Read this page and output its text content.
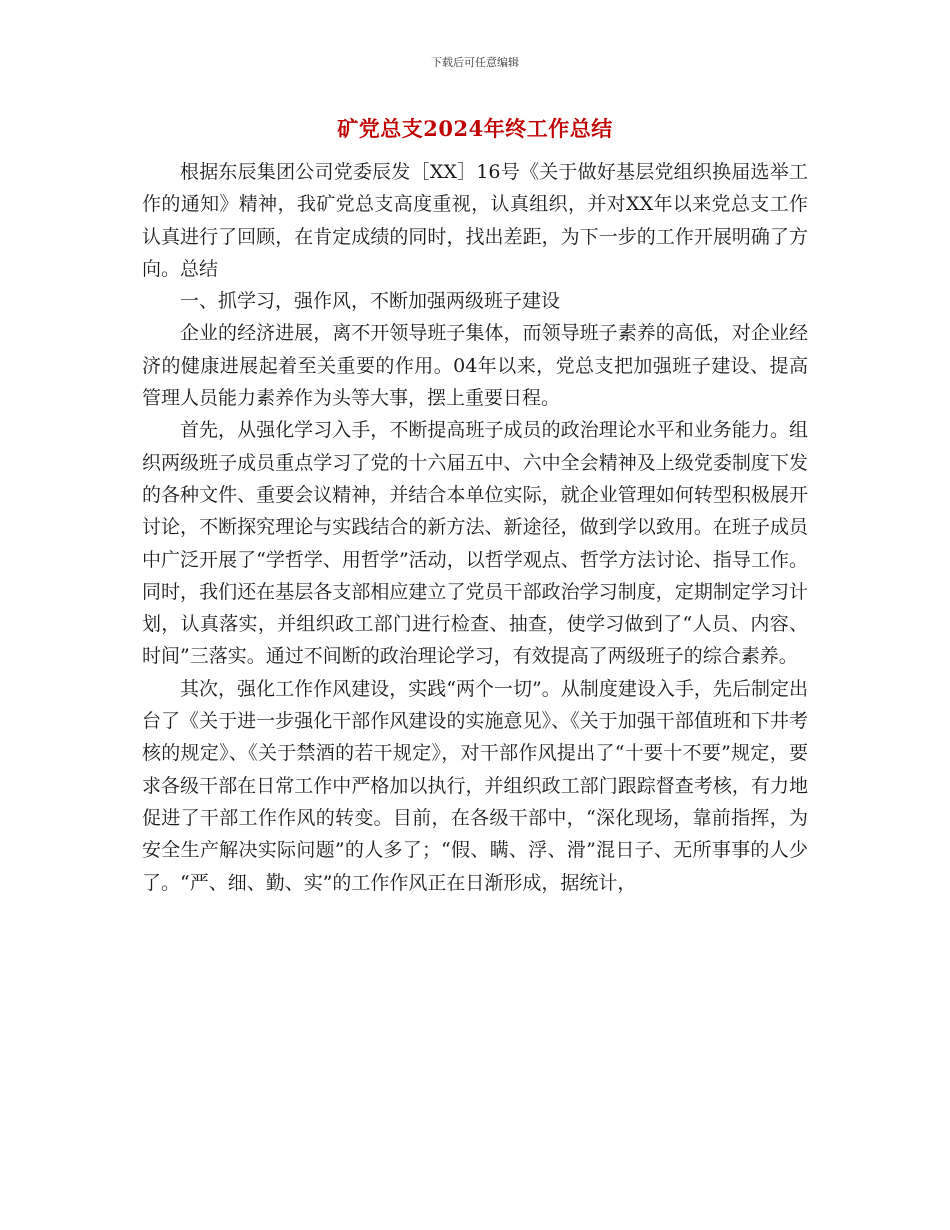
下载后可任意编辑
矿党总支2024年终工作总结

根据东辰集团公司党委辰发［XX］16号《关于做好基层党组织换届选举工作的通知》精神，我矿党总支高度重视，认真组织，并对XX年以来党总支工作认真进行了回顾，在肯定成绩的同时，找出差距，为下一步的工作开展明确了方向。总结

一、抓学习，强作风，不断加强两级班子建设

企业的经济进展，离不开领导班子集体，而领导班子素养的高低，对企业经济的健康进展起着至关重要的作用。04年以来，党总支把加强班子建设、提高管理人员能力素养作为头等大事，摆上重要日程。

首先，从强化学习入手，不断提高班子成员的政治理论水平和业务能力。组织两级班子成员重点学习了党的十六届五中、六中全会精神及上级党委制度下发的各种文件、重要会议精神，并结合本单位实际，就企业管理如何转型积极展开讨论，不断探究理论与实践结合的新方法、新途径，做到学以致用。在班子成员中广泛开展了“学哲学、用哲学”活动，以哲学观点、哲学方法讨论、指导工作。同时，我们还在基层各支部相应建立了党员干部政治学习制度，定期制定学习计划，认真落实，并组织政工部门进行检查、抽查，使学习做到了“人员、内容、时间”三落实。通过不间断的政治理论学习，有效提高了两级班子的综合素养。

其次，强化工作作风建设，实践“两个一切”。从制度建设入手，先后制定出台了《关于进一步强化干部作风建设的实施意见》、《关于加强干部值班和下井考核的规定》、《关于禁酒的若干规定》，对干部作风提出了“十要十不要”规定，要求各级干部在日常工作中严格加以执行，并组织政工部门跟踪督查考核，有力地促进了干部工作作风的转变。目前，在各级干部中，“深化现场，靠前指挥，为安全生产解决实际问题”的人多了；“假、瞒、浮、滑”混日子、无所事事的人少了。“严、细、勤、实”的工作作风正在日渐形成，据统计，
